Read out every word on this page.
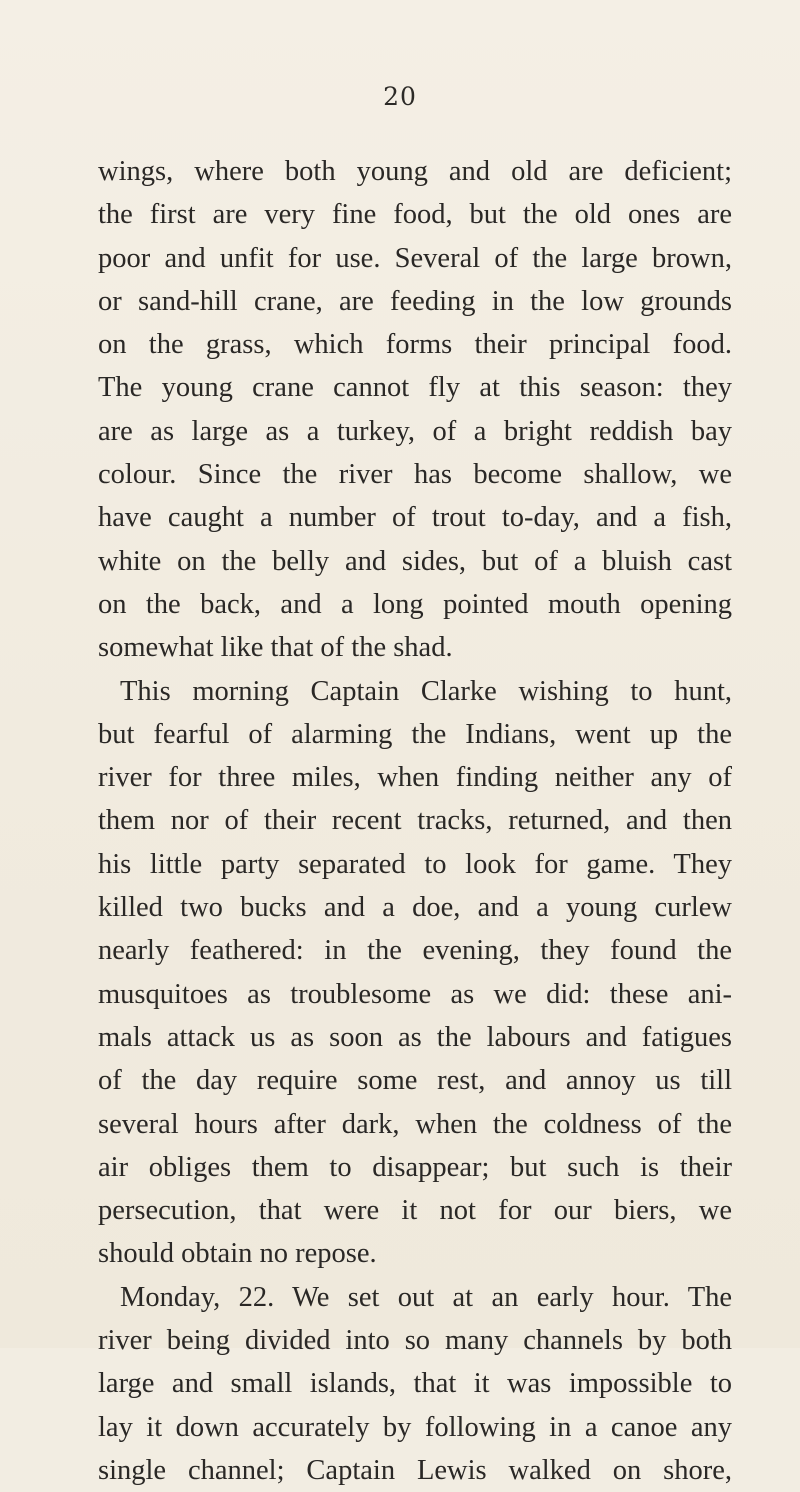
20
wings, where both young and old are deficient;
the first are very fine food, but the old ones are
poor and unfit for use. Several of the large brown,
or sand-hill crane, are feeding in the low grounds
on the grass, which forms their principal food.
The young crane cannot fly at this season: they
are as large as a turkey, of a bright reddish bay
colour. Since the river has become shallow, we
have caught a number of trout to-day, and a fish,
white on the belly and sides, but of a bluish cast
on the back, and a long pointed mouth opening
somewhat like that of the shad.
This morning Captain Clarke wishing to hunt,
but fearful of alarming the Indians, went up the
river for three miles, when finding neither any of
them nor of their recent tracks, returned, and then
his little party separated to look for game. They
killed two bucks and a doe, and a young curlew
nearly feathered: in the evening, they found the
musquitoes as troublesome as we did: these ani-
mals attack us as soon as the labours and fatigues
of the day require some rest, and annoy us till
several hours after dark, when the coldness of the
air obliges them to disappear; but such is their
persecution, that were it not for our biers, we
should obtain no repose.
Monday, 22. We set out at an early hour. The
river being divided into so many channels by both
large and small islands, that it was impossible to
lay it down accurately by following in a canoe any
single channel; Captain Lewis walked on shore,
